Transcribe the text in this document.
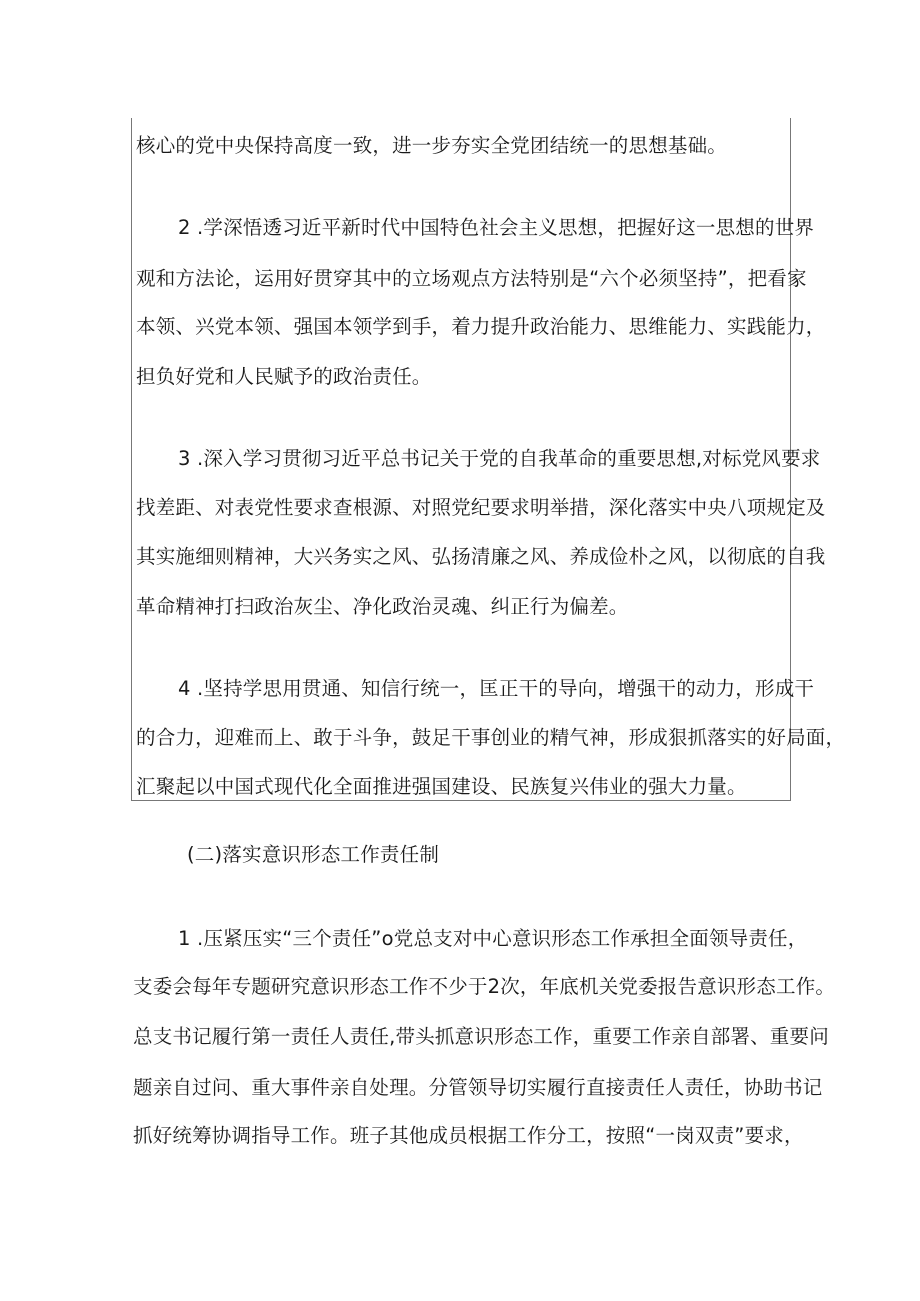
核心的党中央保持高度一致，进一步夯实全党团结统一的思想基础。
2 .学深悟透习近平新时代中国特色社会主义思想，把握好这一思想的世界
观和方法论，运用好贯穿其中的立场观点方法特别是“六个必须坚持”，把看家
本领、兴党本领、强国本领学到手，着力提升政治能力、思维能力、实践能力，
担负好党和人民赋予的政治责任。
3 .深入学习贯彻习近平总书记关于党的自我革命的重要思想,对标党风要求
找差距、对表党性要求查根源、对照党纪要求明举措，深化落实中央八项规定及
其实施细则精神，大兴务实之风、弘扬清廉之风、养成俭朴之风，以彻底的自我
革命精神打扫政治灰尘、净化政治灵魂、纠正行为偏差。
4 .坚持学思用贯通、知信行统一，匡正干的导向，增强干的动力，形成干
的合力，迎难而上、敢于斗争，鼓足干事创业的精气神，形成狠抓落实的好局面，
汇聚起以中国式现代化全面推进强国建设、民族复兴伟业的强大力量。
(二)落实意识形态工作责任制
1 .压紧压实“三个责任”o党总支对中心意识形态工作承担全面领导责任，
支委会每年专题研究意识形态工作不少于2次，年底机关党委报告意识形态工作。
总支书记履行第一责任人责任,带头抓意识形态工作，重要工作亲自部署、重要问
题亲自过问、重大事件亲自处理。分管领导切实履行直接责任人责任，协助书记
抓好统筹协调指导工作。班子其他成员根据工作分工，按照“一岗双责”要求，
